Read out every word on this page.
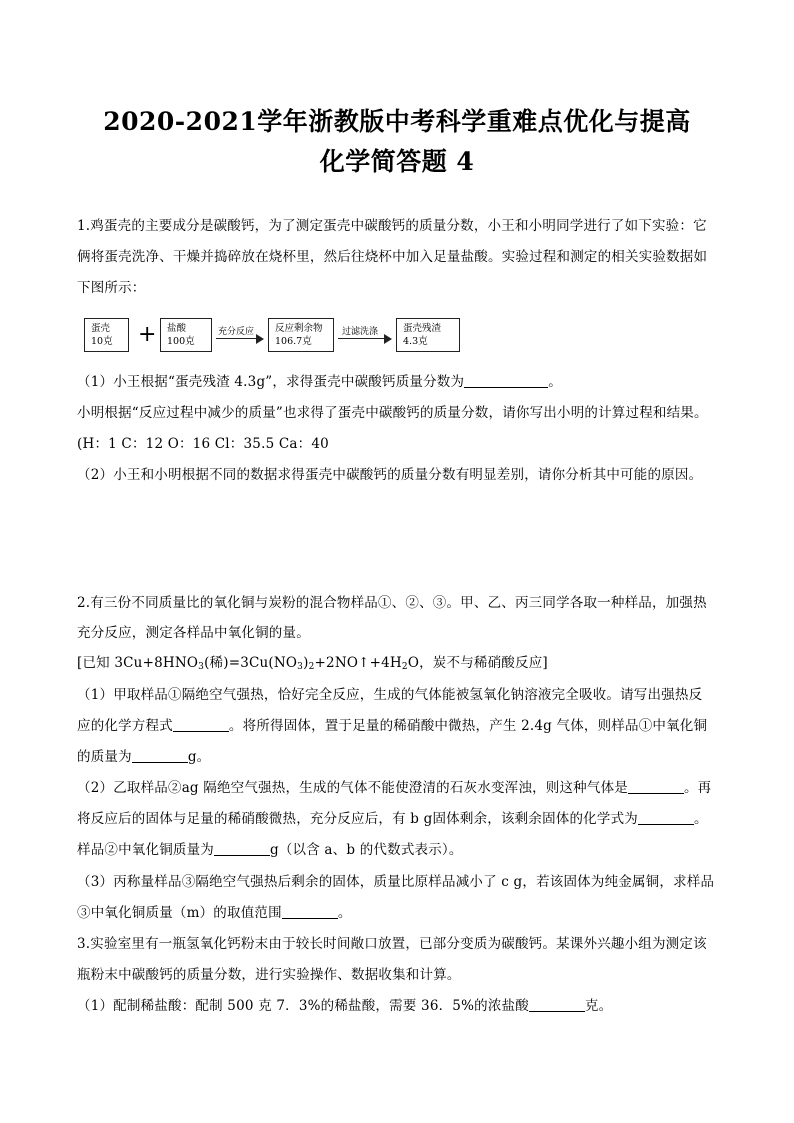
2020-2021学年浙教版中考科学重难点优化与提高
化学简答题 4
1.鸡蛋壳的主要成分是碳酸钙，为了测定蛋壳中碳酸钙的质量分数，小王和小明同学进行了如下实验：它
俩将蛋壳洗净、干燥并捣碎放在烧杯里，然后往烧杯中加入足量盐酸。实验过程和测定的相关实验数据如
下图所示：
蛋壳
10克	+ 盐酸
100克
充分反应 反应剩余物
106.7克
过滤洗涤	蛋壳残渣
4.3克
（1）小王根据“蛋壳残渣 4.3g”，求得蛋壳中碳酸钙质量分数为	。
小明根据“反应过程中减少的质量”也求得了蛋壳中碳酸钙的质量分数，请你写出小明的计算过程和结果。
(H：1 C：12 O：16 Cl：35.5 Ca：40
（2）小王和小明根据不同的数据求得蛋壳中碳酸钙的质量分数有明显差别，请你分析其中可能的原因。
2.有三份不同质量比的氧化铜与炭粉的混合物样品①、②、③。甲、乙、丙三同学各取一种样品，加强热
充分反应，测定各样品中氧化铜的量。
[已知 $3Cu+8HNO_3$(稀)$=3Cu(NO_3)_2+2NO↑+4H_2O$，炭不与稀硝酸反应]
（1）甲取样品①隔绝空气强热，恰好完全反应，生成的气体能被氢氧化钠溶液完全吸收。请写出强热反
应的化学方程式	。将所得固体，置于足量的稀硝酸中微热，产生 2.4g 气体，则样品①中氧化铜
的质量为	g。
（2）乙取样品②ag 隔绝空气强热，生成的气体不能使澄清的石灰水变浑浊，则这种气体是	。再
将反应后的固体与足量的稀硝酸微热，充分反应后，有 b g固体剩余，该剩余固体的化学式为	。
样品②中氧化铜质量为	g（以含 a、b 的代数式表示）。
（3）丙称量样品③隔绝空气强热后剩余的固体，质量比原样品减小了 c g，若该固体为纯金属铜，求样品
③中氧化铜质量（m）的取值范围	。
3.实验室里有一瓶氢氧化钙粉末由于较长时间敞口放置，已部分变质为碳酸钙。某课外兴趣小组为测定该
瓶粉末中碳酸钙的质量分数，进行实验操作、数据收集和计算。
（1）配制稀盐酸：配制 500 克 7．3%的稀盐酸，需要 36．5%的浓盐酸	克。
